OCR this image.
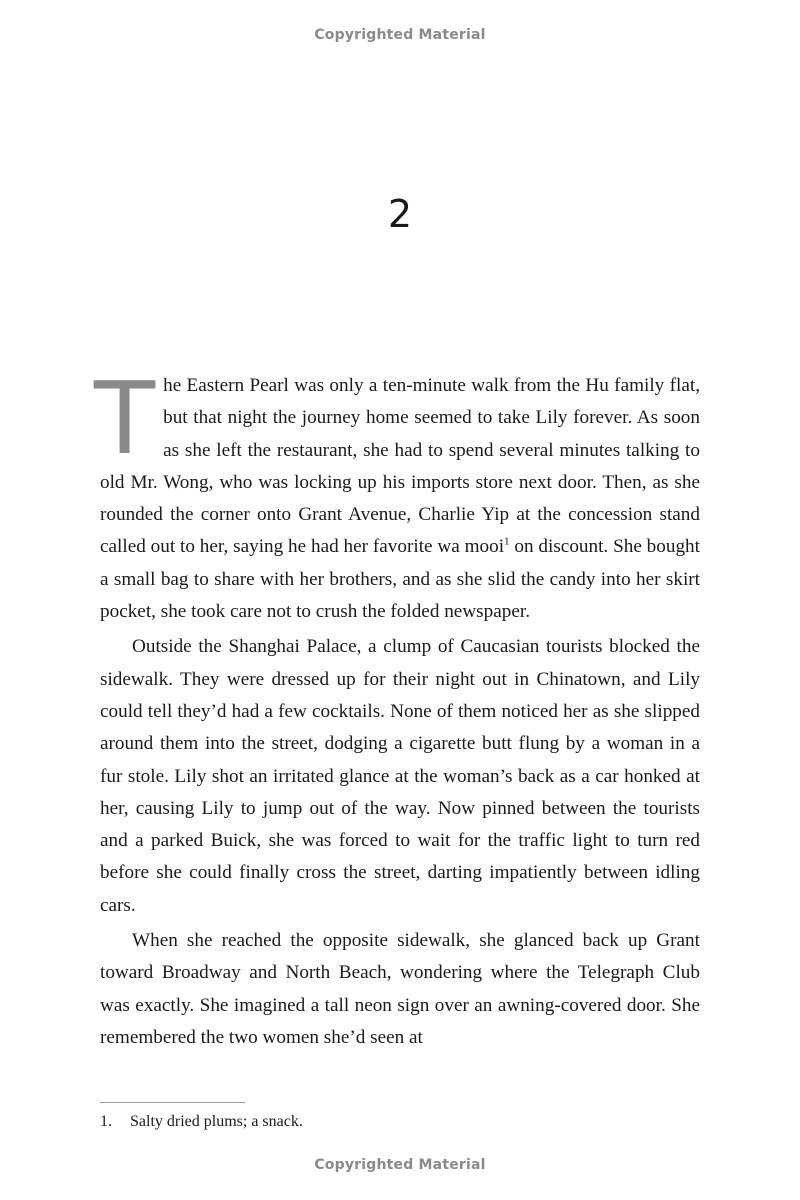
Copyrighted Material
2

The Eastern Pearl was only a ten-minute walk from the Hu family flat, but that night the journey home seemed to take Lily forever. As soon as she left the restaurant, she had to spend several minutes talking to old Mr. Wong, who was locking up his imports store next door. Then, as she rounded the corner onto Grant Avenue, Charlie Yip at the concession stand called out to her, saying he had her favorite wa mooi$^1$ on discount. She bought a small bag to share with her brothers, and as she slid the candy into her skirt pocket, she took care not to crush the folded newspaper.

Outside the Shanghai Palace, a clump of Caucasian tourists blocked the sidewalk. They were dressed up for their night out in Chinatown, and Lily could tell they’d had a few cocktails. None of them noticed her as she slipped around them into the street, dodging a cigarette butt flung by a woman in a fur stole. Lily shot an irritated glance at the woman’s back as a car honked at her, causing Lily to jump out of the way. Now pinned between the tourists and a parked Buick, she was forced to wait for the traffic light to turn red before she could finally cross the street, darting impatiently between idling cars.

When she reached the opposite sidewalk, she glanced back up Grant toward Broadway and North Beach, wondering where the Telegraph Club was exactly. She imagined a tall neon sign over an awning-covered door. She remembered the two women she’d seen at

1. Salty dried plums; a snack.
Copyrighted Material
